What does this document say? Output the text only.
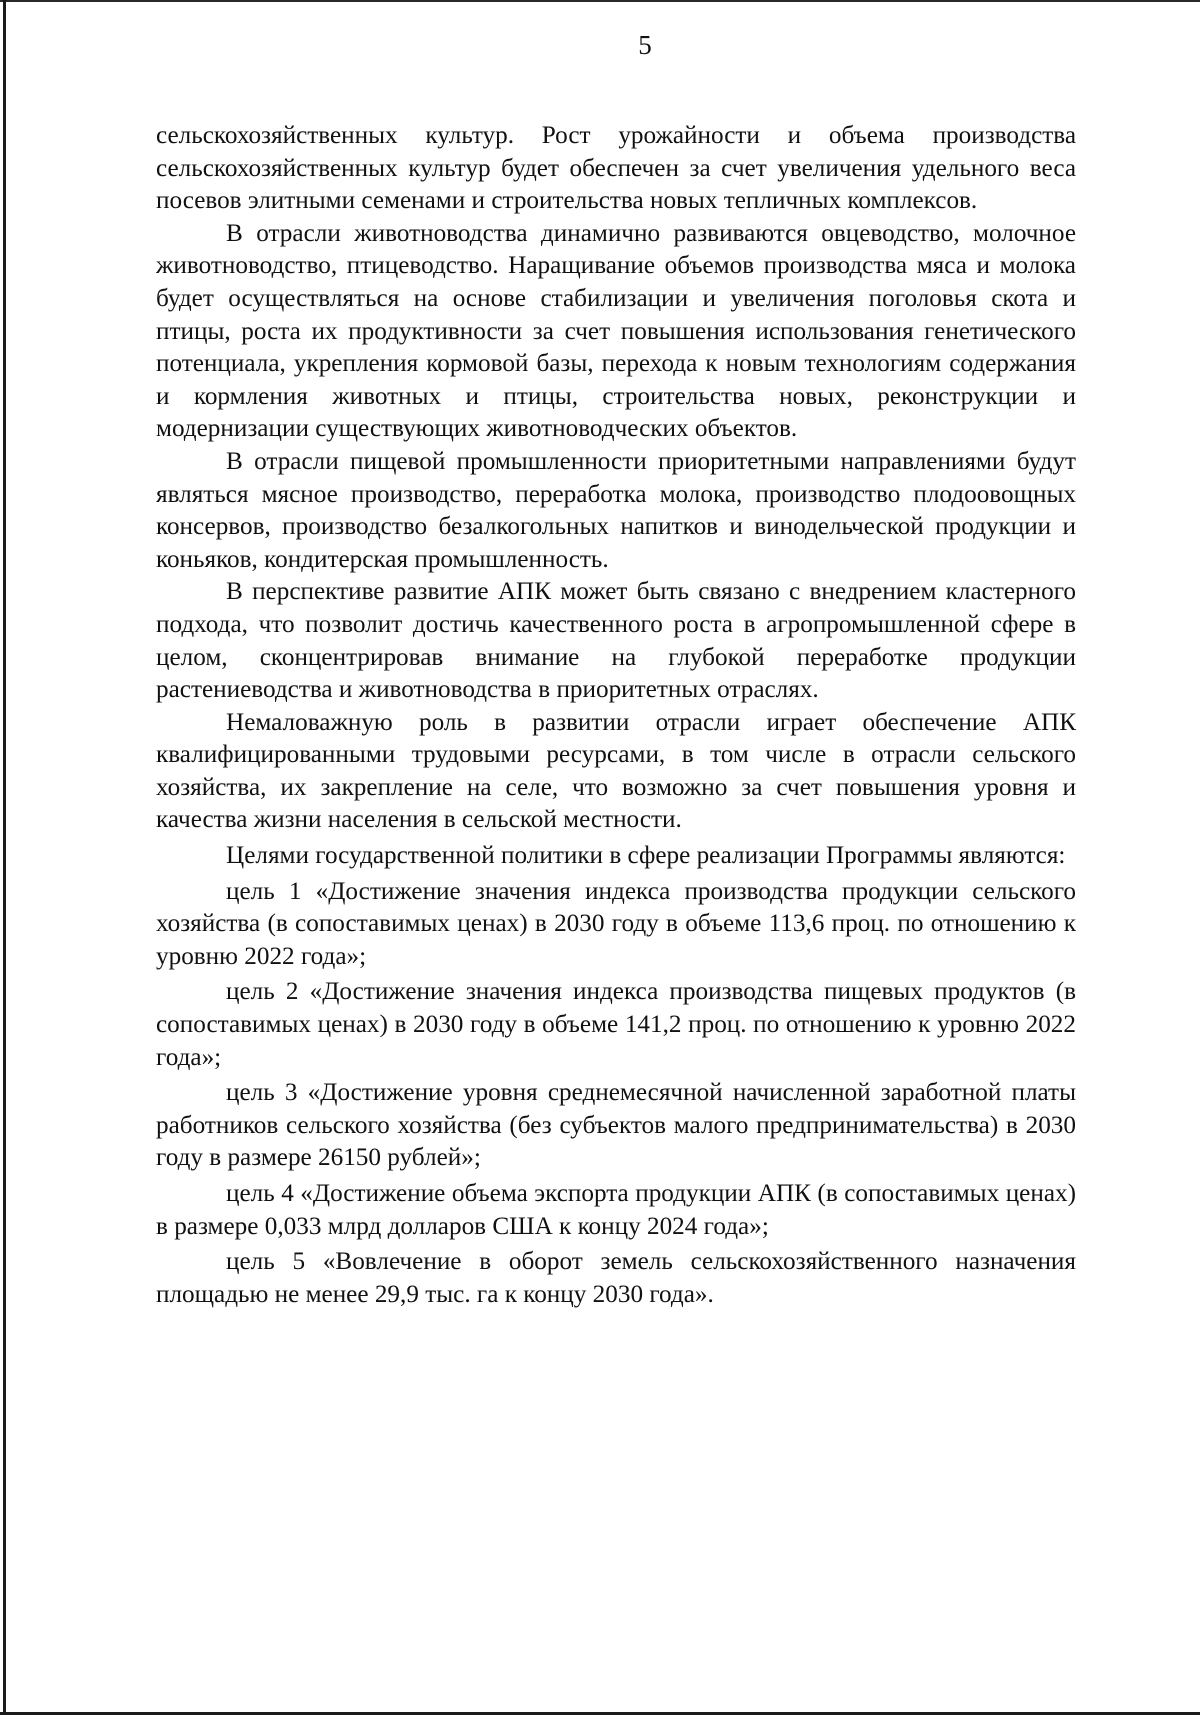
5

сельскохозяйственных культур. Рост урожайности и объема производства сельскохозяйственных культур будет обеспечен за счет увеличения удельного веса посевов элитными семенами и строительства новых тепличных комплексов.

В отрасли животноводства динамично развиваются овцеводство, молочное животноводство, птицеводство. Наращивание объемов производства мяса и молока будет осуществляться на основе стабилизации и увеличения поголовья скота и птицы, роста их продуктивности за счет повышения использования генетического потенциала, укрепления кормовой базы, перехода к новым технологиям содержания и кормления животных и птицы, строительства новых, реконструкции и модернизации существующих животноводческих объектов.

В отрасли пищевой промышленности приоритетными направлениями будут являться мясное производство, переработка молока, производство плодоовощных консервов, производство безалкогольных напитков и винодельческой продукции и коньяков, кондитерская промышленность.

В перспективе развитие АПК может быть связано с внедрением кластерного подхода, что позволит достичь качественного роста в агропромышленной сфере в целом, сконцентрировав внимание на глубокой переработке продукции растениеводства и животноводства в приоритетных отраслях.

Немаловажную роль в развитии отрасли играет обеспечение АПК квалифицированными трудовыми ресурсами, в том числе в отрасли сельского хозяйства, их закрепление на селе, что возможно за счет повышения уровня и качества жизни населения в сельской местности.

Целями государственной политики в сфере реализации Программы являются:

цель 1 «Достижение значения индекса производства продукции сельского хозяйства (в сопоставимых ценах) в 2030 году в объеме 113,6 проц. по отношению к уровню 2022 года»;

цель 2 «Достижение значения индекса производства пищевых продуктов (в сопоставимых ценах) в 2030 году в объеме 141,2 проц. по отношению к уровню 2022 года»;

цель 3 «Достижение уровня среднемесячной начисленной заработной платы работников сельского хозяйства (без субъектов малого предпринимательства) в 2030 году в размере 26150 рублей»;

цель 4 «Достижение объема экспорта продукции АПК (в сопоставимых ценах) в размере 0,033 млрд долларов США к концу 2024 года»;

цель 5 «Вовлечение в оборот земель сельскохозяйственного назначения площадью не менее 29,9 тыс. га к концу 2030 года».
